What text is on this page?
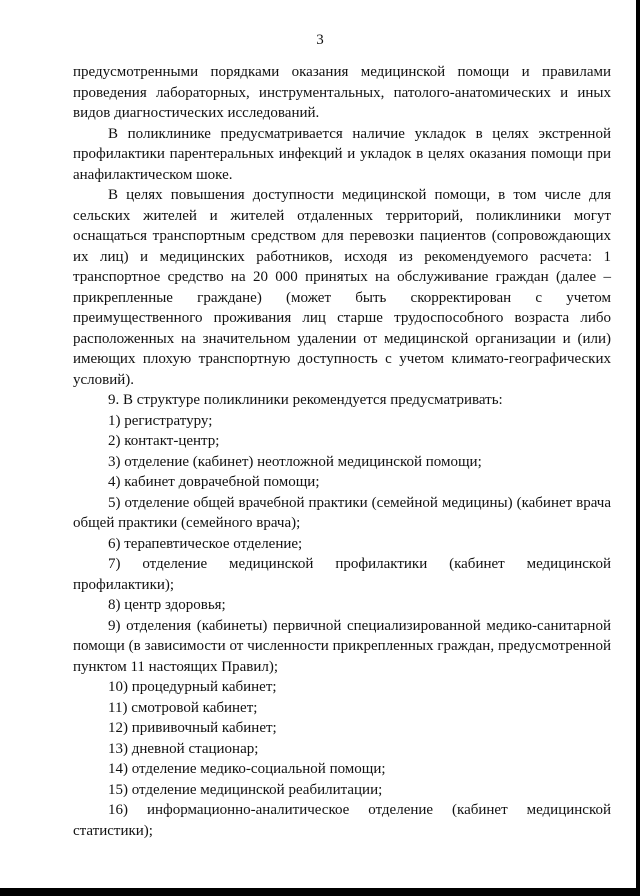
3

предусмотренными порядками оказания медицинской помощи и правилами проведения лабораторных, инструментальных, патолого-анатомических и иных видов диагностических исследований.

В поликлинике предусматривается наличие укладок в целях экстренной профилактики парентеральных инфекций и укладок в целях оказания помощи при анафилактическом шоке.

В целях повышения доступности медицинской помощи, в том числе для сельских жителей и жителей отдаленных территорий, поликлиники могут оснащаться транспортным средством для перевозки пациентов (сопровождающих их лиц) и медицинских работников, исходя из рекомендуемого расчета: 1 транспортное средство на 20 000 принятых на обслуживание граждан (далее – прикрепленные граждане) (может быть скорректирован с учетом преимущественного проживания лиц старше трудоспособного возраста либо расположенных на значительном удалении от медицинской организации и (или) имеющих плохую транспортную доступность с учетом климато-географических условий).

9. В структуре поликлиники рекомендуется предусматривать:

1) регистратуру;

2) контакт-центр;

3) отделение (кабинет) неотложной медицинской помощи;

4) кабинет доврачебной помощи;

5) отделение общей врачебной практики (семейной медицины) (кабинет врача общей практики (семейного врача);

6) терапевтическое отделение;

7) отделение медицинской профилактики (кабинет медицинской профилактики);

8) центр здоровья;

9) отделения (кабинеты) первичной специализированной медико-санитарной помощи (в зависимости от численности прикрепленных граждан, предусмотренной пунктом 11 настоящих Правил);

10) процедурный кабинет;

11) смотровой кабинет;

12) прививочный кабинет;

13) дневной стационар;

14) отделение медико-социальной помощи;

15) отделение медицинской реабилитации;

16) информационно-аналитическое отделение (кабинет медицинской статистики);
